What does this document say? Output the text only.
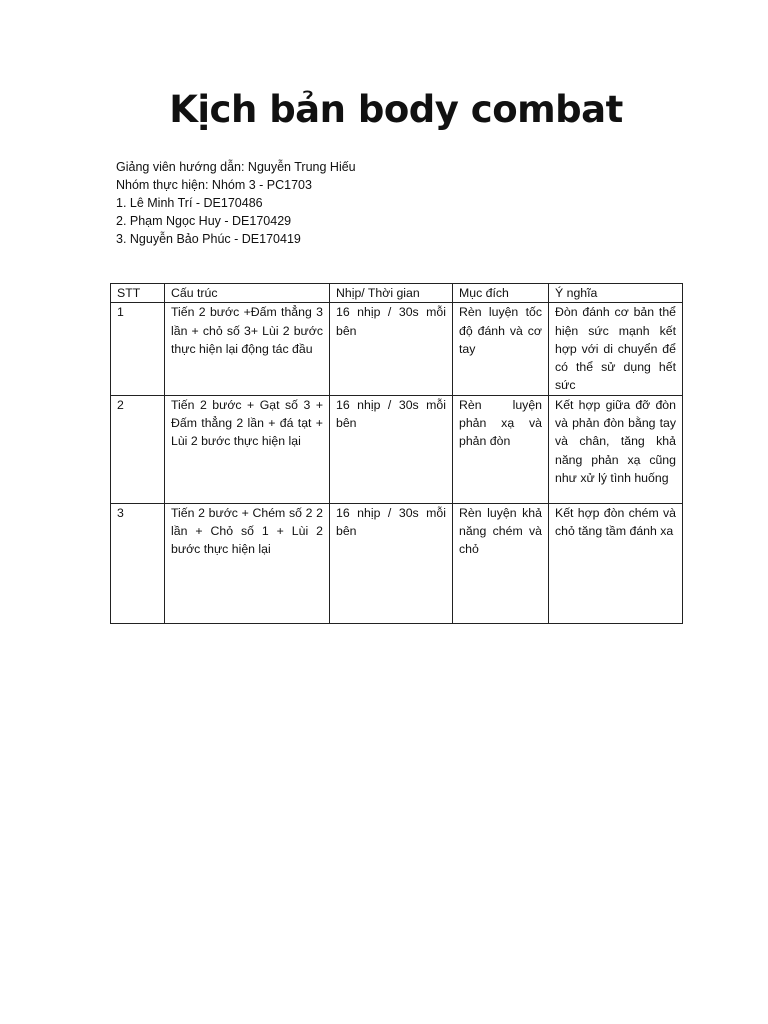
Kịch bản body combat
Giảng viên hướng dẫn: Nguyễn Trung Hiếu
Nhóm thực hiện: Nhóm 3 - PC1703
1. Lê Minh Trí - DE170486
2. Phạm Ngọc Huy - DE170429
3. Nguyễn Bảo Phúc - DE170419
STT	Cấu trúc	Nhịp/ Thời gian	Mục đích	Ý nghĩa
1	Tiến 2 bước +Đấm thẳng 3 lần + chỏ số 3+ Lùi 2 bước thực hiện lại động tác đầu	16 nhịp / 30s mỗi bên	Rèn luyện tốc độ đánh và cơ tay	Đòn đánh cơ bản thể hiện sức mạnh kết hợp với di chuyển để có thể sử dụng hết sức
2	Tiến 2 bước + Gạt số 3 + Đấm thẳng 2 lần + đá tạt + Lùi 2 bước thực hiện lại	16 nhịp / 30s mỗi bên	Rèn luyện phản xạ và phản đòn	Kết hợp giữa đỡ đòn và phản đòn bằng tay và chân, tăng khả năng phản xạ cũng như xử lý tình huống
3	Tiến 2 bước + Chém số 2 2 lần + Chỏ số 1 + Lùi 2 bước thực hiện lại	16 nhịp / 30s mỗi bên	Rèn luyện khả năng chém và chỏ	Kết hợp đòn chém và chỏ tăng tầm đánh xa
